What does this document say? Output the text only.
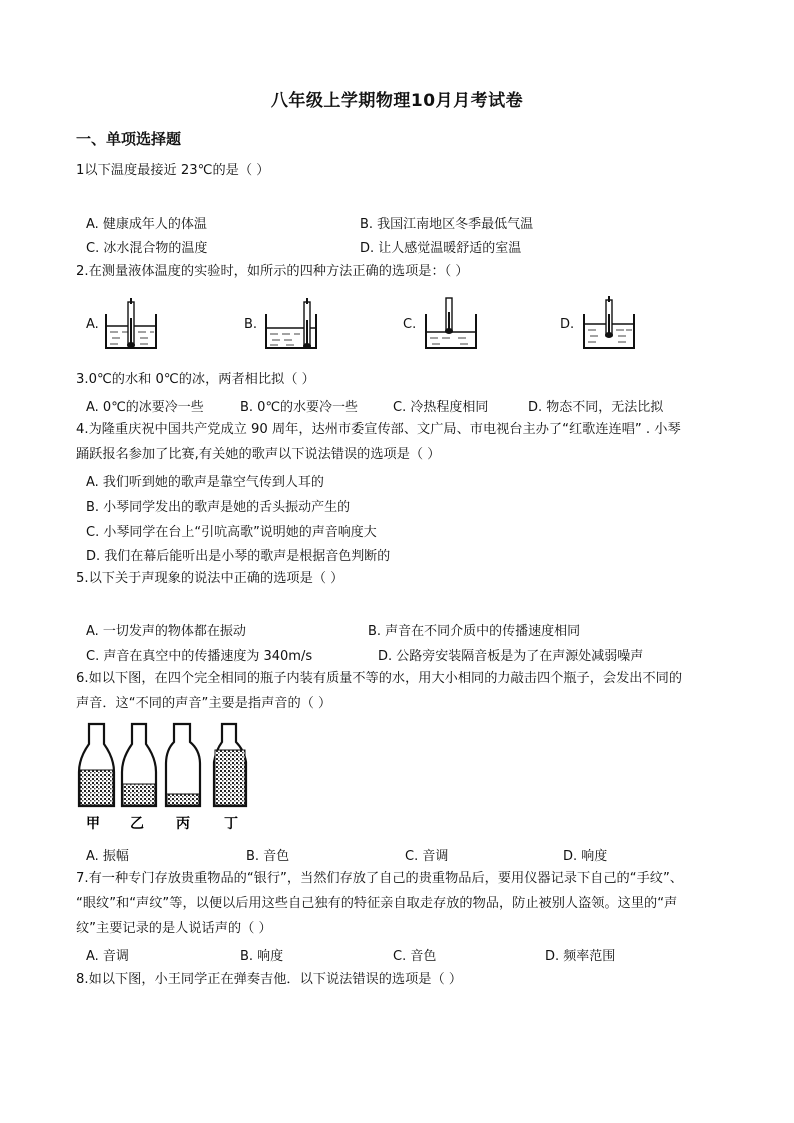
八年级上学期物理10月月考试卷
一、单项选择题
1以下温度最接近 23℃的是（ ）
A. 健康成年人的体温	B. 我国江南地区冬季最低气温
C. 冰水混合物的温度	D. 让人感觉温暖舒适的室温
2.在测量液体温度的实验时，如所示的四种方法正确的选项是：（ ）
A.	B.	C.	D.
3.0℃的水和 0℃的冰，两者相比拟（ ）
A. 0℃的冰要冷一些	B. 0℃的水要冷一些	C. 冷热程度相同	D. 物态不同，无法比拟
4.为隆重庆祝中国共产党成立 90 周年，达州市委宣传部、文广局、市电视台主办了“红歌连连唱” . 小琴
踊跃报名参加了比赛,有关她的歌声以下说法错误的选项是（ ）
A. 我们听到她的歌声是靠空气传到人耳的
B. 小琴同学发出的歌声是她的舌头振动产生的
C. 小琴同学在台上“引吭高歌”说明她的声音响度大
D. 我们在幕后能听出是小琴的歌声是根据音色判断的
5.以下关于声现象的说法中正确的选项是（ ）
A. 一切发声的物体都在振动	B. 声音在不同介质中的传播速度相同
C. 声音在真空中的传播速度为 340m/s	D. 公路旁安装隔音板是为了在声源处减弱噪声
6.如以下图，在四个完全相同的瓶子内装有质量不等的水，用大小相同的力敲击四个瓶子，会发出不同的
声音．这“不同的声音”主要是指声音的（ ）
甲 乙 丙 丁
A. 振幅	B. 音色	C. 音调	D. 响度
7.有一种专门存放贵重物品的“银行”，当然们存放了自己的贵重物品后，要用仪器记录下自己的“手纹”、
“眼纹”和“声纹”等，以便以后用这些自己独有的特征亲自取走存放的物品，防止被别人盗领。这里的“声
纹”主要记录的是人说话声的（ ）
A. 音调	B. 响度	C. 音色	D. 频率范围
8.如以下图，小王同学正在弹奏吉他．以下说法错误的选项是（ ）
